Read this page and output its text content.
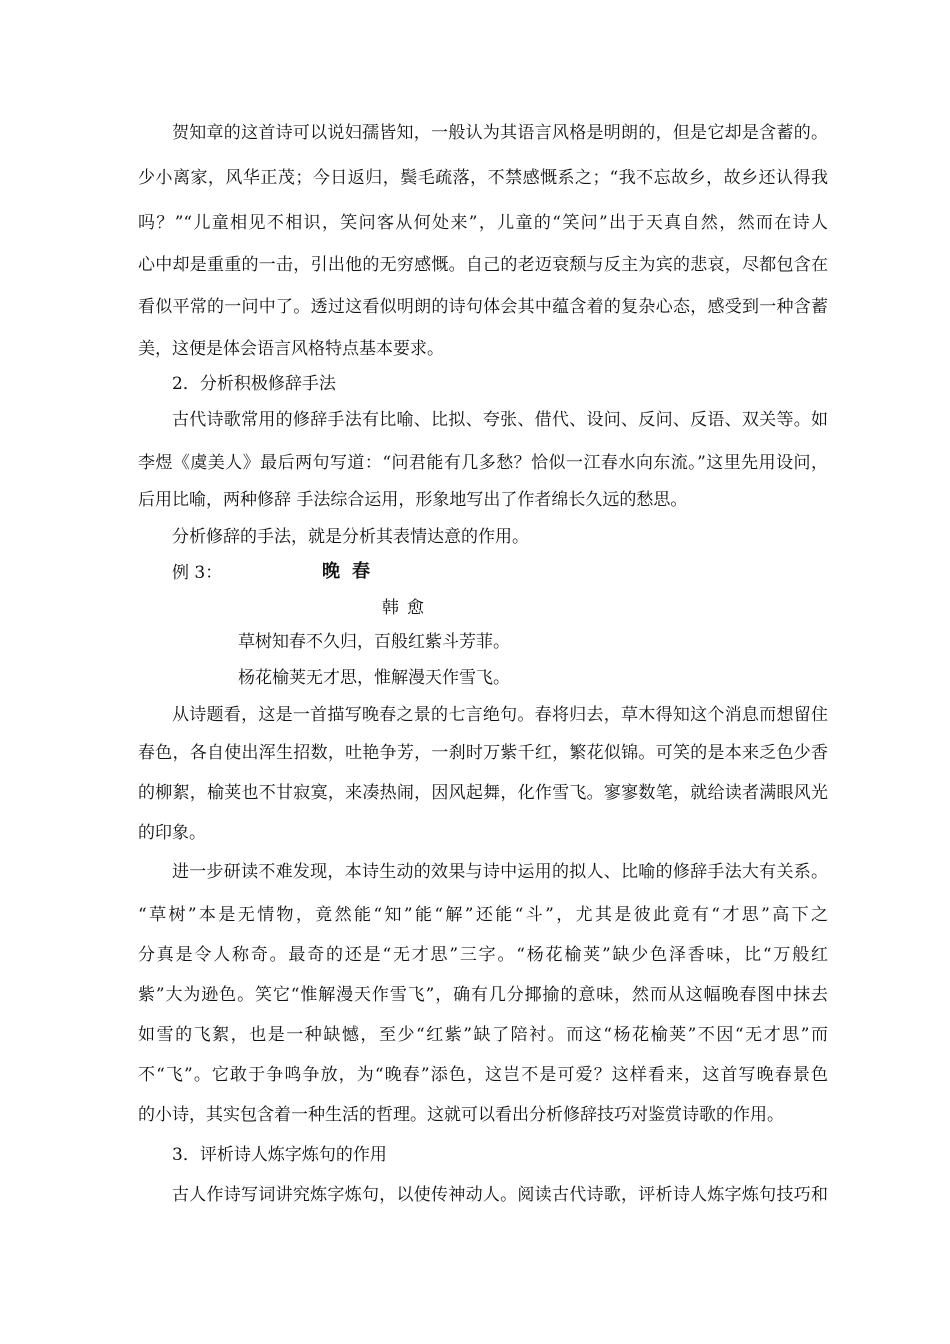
贺知章的这首诗可以说妇孺皆知，一般认为其语言风格是明朗的，但是它却是含蓄的。
少小离家，风华正茂；今日返归，鬓毛疏落，不禁感慨系之；“我不忘故乡，故乡还认得我
吗？”“儿童相见不相识，笑问客从何处来”，儿童的“笑问”出于天真自然，然而在诗人
心中却是重重的一击，引出他的无穷感慨。自己的老迈衰颓与反主为宾的悲哀，尽都包含在
看似平常的一问中了。透过这看似明朗的诗句体会其中蕴含着的复杂心态，感受到一种含蓄
美，这便是体会语言风格特点基本要求。
2．分析积极修辞手法
古代诗歌常用的修辞手法有比喻、比拟、夸张、借代、设问、反问、反语、双关等。如
李煜《虞美人》最后两句写道：“问君能有几多愁？恰似一江春水向东流。”这里先用设问，
后用比喻，两种修辞 手法综合运用，形象地写出了作者绵长久远的愁思。
分析修辞的手法，就是分析其表情达意的作用。
例 3：	晚春
韩愈
草树知春不久归，百般红紫斗芳菲。
杨花榆荚无才思，惟解漫天作雪飞。
从诗题看，这是一首描写晚春之景的七言绝句。春将归去，草木得知这个消息而想留住
春色，各自使出浑生招数，吐艳争芳，一刹时万紫千红，繁花似锦。可笑的是本来乏色少香
的柳絮，榆荚也不甘寂寞，来凑热闹，因风起舞，化作雪飞。寥寥数笔，就给读者满眼风光
的印象。
进一步研读不难发现，本诗生动的效果与诗中运用的拟人、比喻的修辞手法大有关系。
“草树”本是无情物，竟然能“知”能“解”还能“斗”，尤其是彼此竟有“才思”高下之
分真是令人称奇。最奇的还是“无才思”三字。“杨花榆荚”缺少色泽香味，比“万般红
紫”大为逊色。笑它“惟解漫天作雪飞”，确有几分揶揄的意味，然而从这幅晚春图中抹去
如雪的飞絮，也是一种缺憾，至少“红紫”缺了陪衬。而这“杨花榆荚”不因“无才思”而
不“飞”。它敢于争鸣争放，为“晚春”添色，这岂不是可爱？这样看来，这首写晚春景色
的小诗，其实包含着一种生活的哲理。这就可以看出分析修辞技巧对鉴赏诗歌的作用。
3．评析诗人炼字炼句的作用
古人作诗写词讲究炼字炼句，以使传神动人。阅读古代诗歌，评析诗人炼字炼句技巧和
